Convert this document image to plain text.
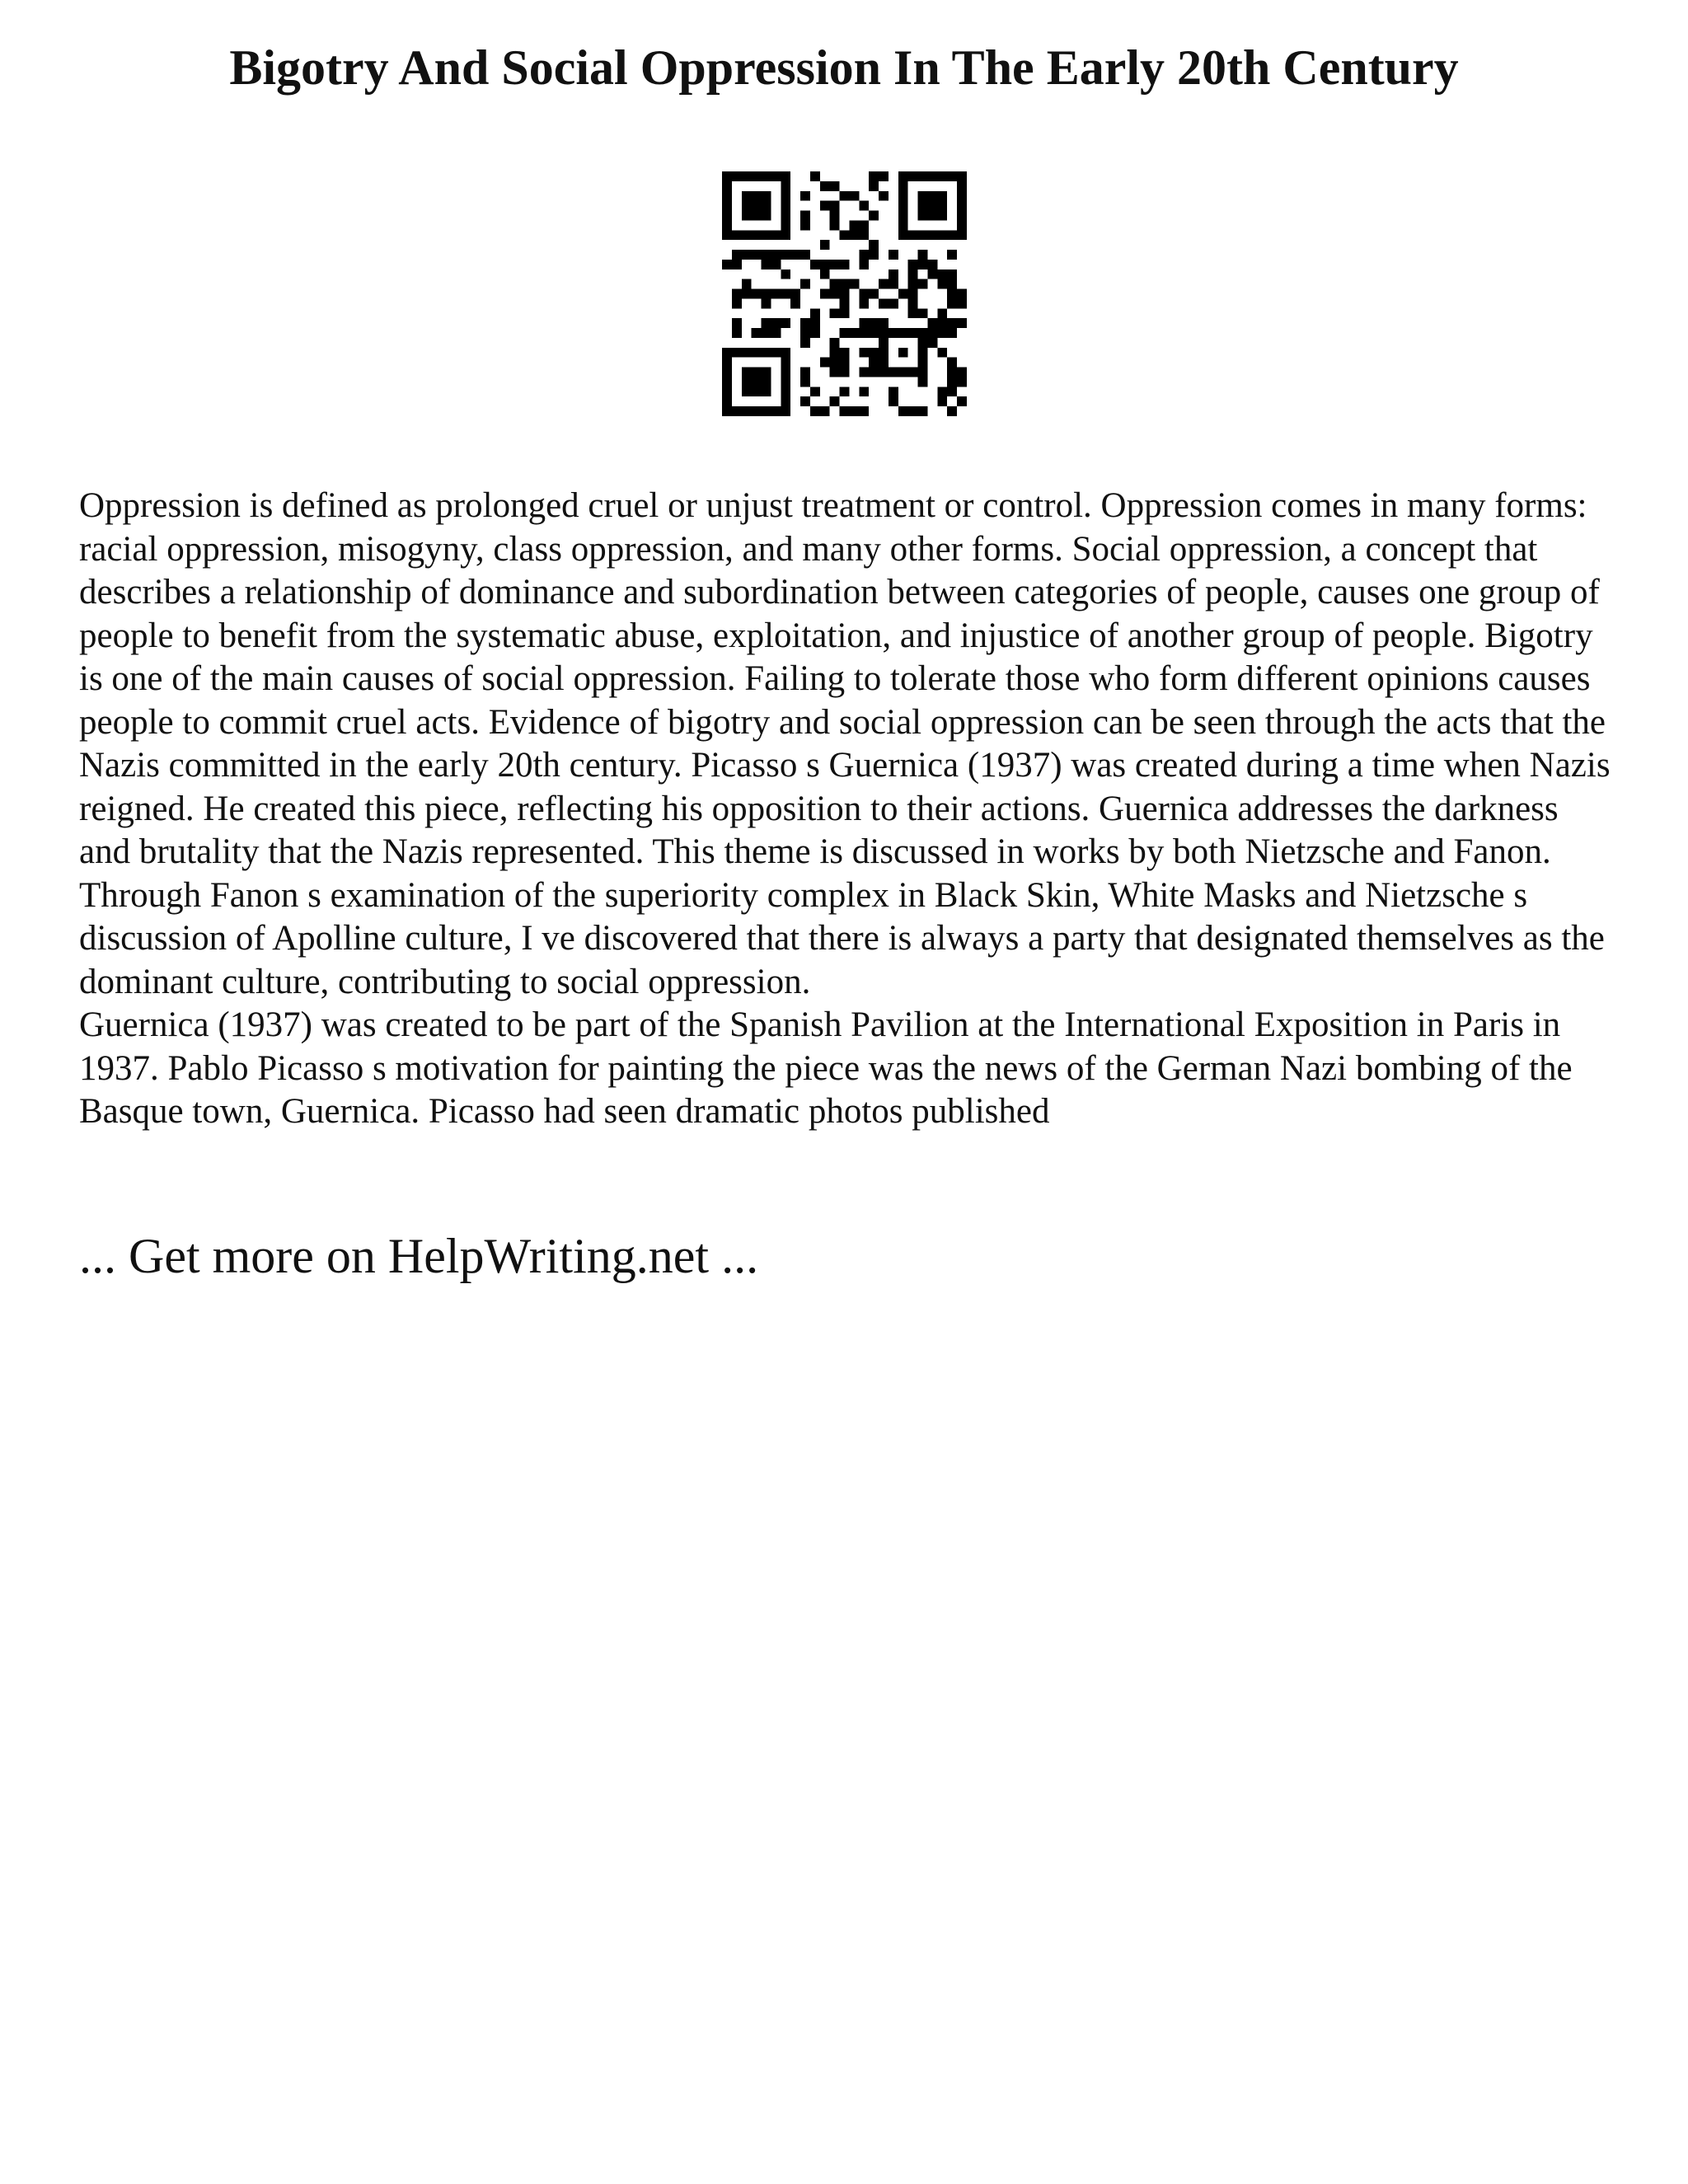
Bigotry And Social Oppression In The Early 20th Century

Oppression is defined as prolonged cruel or unjust treatment or control. Oppression comes in many forms: racial oppression, misogyny, class oppression, and many other forms. Social oppression, a concept that describes a relationship of dominance and subordination between categories of people, causes one group of people to benefit from the systematic abuse, exploitation, and injustice of another group of people. Bigotry is one of the main causes of social oppression. Failing to tolerate those who form different opinions causes people to commit cruel acts. Evidence of bigotry and social oppression can be seen through the acts that the Nazis committed in the early 20th century. Picasso s Guernica (1937) was created during a time when Nazis reigned. He created this piece, reflecting his opposition to their actions. Guernica addresses the darkness and brutality that the Nazis represented. This theme is discussed in works by both Nietzsche and Fanon. Through Fanon s examination of the superiority complex in Black Skin, White Masks and Nietzsche s discussion of Apolline culture, I ve discovered that there is always a party that designated themselves as the dominant culture, contributing to social oppression.

Guernica (1937) was created to be part of the Spanish Pavilion at the International Exposition in Paris in 1937. Pablo Picasso s motivation for painting the piece was the news of the German Nazi bombing of the Basque town, Guernica. Picasso had seen dramatic photos published

... Get more on HelpWriting.net ...
